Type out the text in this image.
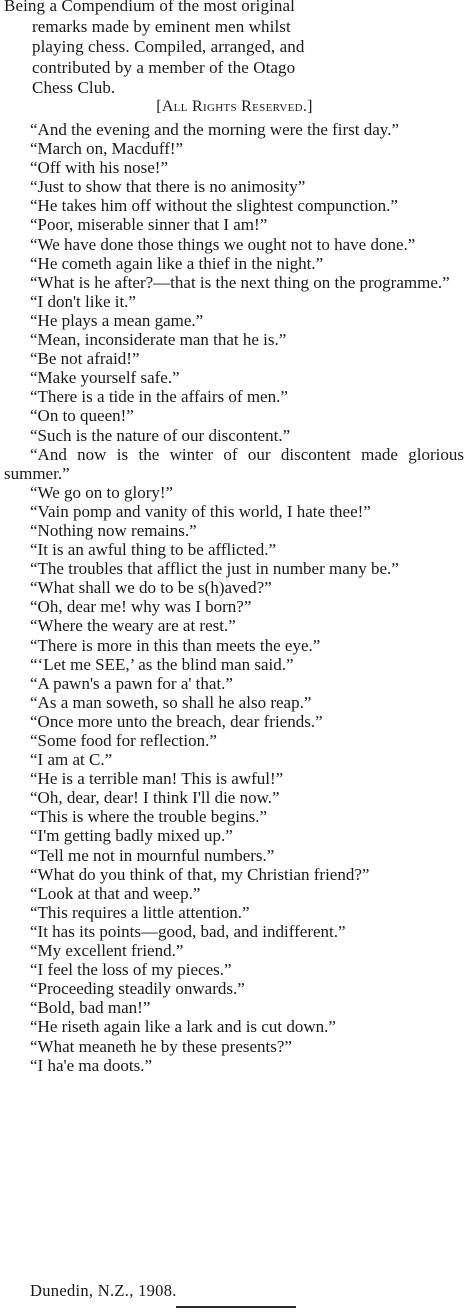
Being a Compendium of the most original
remarks made by eminent men whilst
playing chess. Compiled, arranged, and
contributed by a member of the Otago
Chess Club.
[All Rights Reserved.]

“And the evening and the morning were the first day.”

“March on, Macduff!”

“Off with his nose!”

“Just to show that there is no animosity”

“He takes him off without the slightest compunction.”

“Poor, miserable sinner that I am!”

“We have done those things we ought not to have done.”

“He cometh again like a thief in the night.”

“What is he after?—that is the next thing on the programme.”

“I don't like it.”

“He plays a mean game.”

“Mean, inconsiderate man that he is.”

“Be not afraid!”

“Make yourself safe.”

“There is a tide in the affairs of men.”

“On to queen!”

“Such is the nature of our discontent.”

“And now is the winter of our discontent made glorious summer.”

“We go on to glory!”

“Vain pomp and vanity of this world, I hate thee!”

“Nothing now remains.”

“It is an awful thing to be afflicted.”

“The troubles that afflict the just in number many be.”

“What shall we do to be s(h)aved?”

“Oh, dear me! why was I born?”

“Where the weary are at rest.”

“There is more in this than meets the eye.”

“‘Let me SEE,’ as the blind man said.”

“A pawn's a pawn for a' that.”

“As a man soweth, so shall he also reap.”

“Once more unto the breach, dear friends.”

“Some food for reflection.”

“I am at C.”

“He is a terrible man! This is awful!”

“Oh, dear, dear! I think I'll die now.”

“This is where the trouble begins.”

“I'm getting badly mixed up.”

“Tell me not in mournful numbers.”

“What do you think of that, my Christian friend?”

“Look at that and weep.”

“This requires a little attention.”

“It has its points—good, bad, and indifferent.”

“My excellent friend.”

“I feel the loss of my pieces.”

“Proceeding steadily onwards.”

“Bold, bad man!”

“He riseth again like a lark and is cut down.”

“What meaneth he by these presents?”

“I ha'e ma doots.”

Dunedin, N.Z., 1908.
